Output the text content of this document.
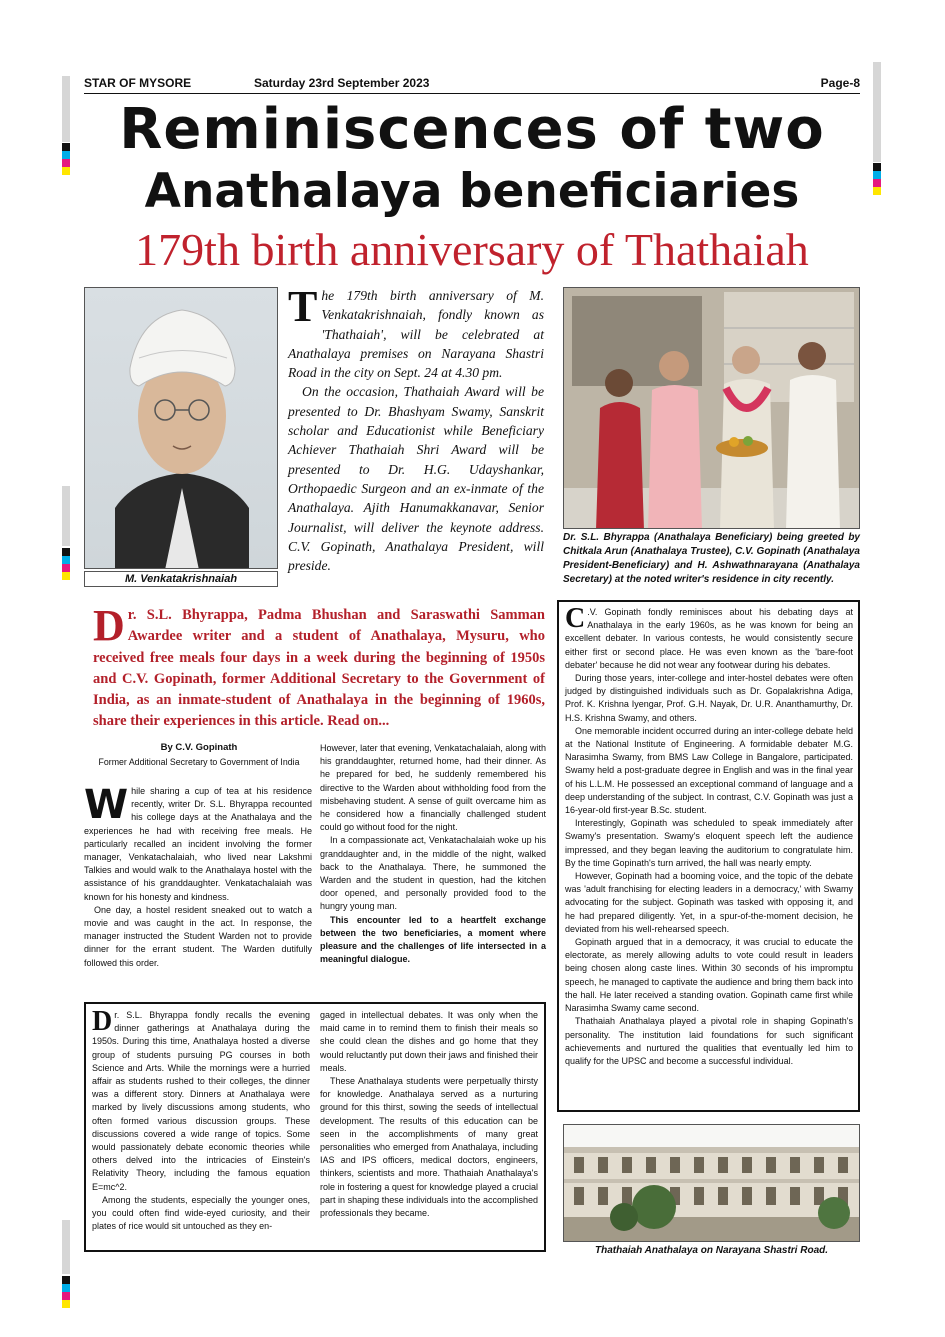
STAR OF MYSORE	Saturday 23rd September 2023	Page-8
Reminiscences of two
Anathalaya beneficiaries
179th birth anniversary of Thathaiah
M. Venkatakrishnaiah

The 179th birth anniversary of M. Venkatakrishnaiah, fondly known as 'Thathaiah', will be celebrated at Anathalaya premises on Narayana Shastri Road in the city on Sept. 24 at 4.30 pm.

On the occasion, Thathaiah Award will be presented to Dr. Bhashyam Swamy, Sanskrit scholar and Educationist while Beneficiary Achiever Thathaiah Shri Award will be presented to Dr. H.G. Udayshankar, Orthopaedic Surgeon and an ex-inmate of the Anathalaya. Ajith Hanumakkanavar, Senior Journalist, will deliver the keynote address. C.V. Gopinath, Anathalaya President, will preside.

Dr. S.L. Bhyrappa (Anathalaya Beneficiary) being greeted by Chitkala Arun (Anathalaya Trustee), C.V. Gopinath (Anathalaya President-Beneficiary) and H. Ashwathnarayana (Anathalaya Secretary) at the noted writer's residence in city recently.
Dr. S.L. Bhyrappa, Padma Bhushan and Saraswathi Samman Awardee writer and a student of Anathalaya, Mysuru, who received free meals four days in a week during the beginning of 1950s and C.V. Gopinath, former Additional Secretary to the Government of India, as an inmate-student of Anathalaya in the beginning of 1960s, share their experiences in this article. Read on...
By C.V. Gopinath
Former Additional Secretary to Government of India

While sharing a cup of tea at his residence recently, writer Dr. S.L. Bhyrappa recounted his college days at the Anathalaya and the experiences he had with receiving free meals. He particularly recalled an incident involving the former manager, Venkatachalaiah, who lived near Lakshmi Talkies and would walk to the Anathalaya hostel with the assistance of his granddaughter. Venkatachalaiah was known for his honesty and kindness.

One day, a hostel resident sneaked out to watch a movie and was caught in the act. In response, the manager instructed the Student Warden not to provide dinner for the errant student. The Warden dutifully followed this order.

However, later that evening, Venkatachalaiah, along with his granddaughter, returned home, had their dinner. As he prepared for bed, he suddenly remembered his directive to the Warden about withholding food from the misbehaving student. A sense of guilt overcame him as he considered how a financially challenged student could go without food for the night.

In a compassionate act, Venkatachalaiah woke up his granddaughter and, in the middle of the night, walked back to the Anathalaya. There, he summoned the Warden and the student in question, had the kitchen door opened, and personally provided food to the hungry young man.

This encounter led to a heartfelt exchange between the two beneficiaries, a moment where pleasure and the challenges of life intersected in a meaningful dialogue.

Dr. S.L. Bhyrappa fondly recalls the evening dinner gatherings at Anathalaya during the 1950s. During this time, Anathalaya hosted a diverse group of students pursuing PG courses in both Science and Arts. While the mornings were a hurried affair as students rushed to their colleges, the dinner was a different story. Dinners at Anathalaya were marked by lively discussions among students, who often formed various discussion groups. These discussions covered a wide range of topics. Some would passionately debate economic theories while others delved into the intricacies of Einstein's Relativity Theory, including the famous equation E=mc^2.

Among the students, especially the younger ones, you could often find wide-eyed curiosity, and their plates of rice would sit untouched as they en-

gaged in intellectual debates. It was only when the maid came in to remind them to finish their meals so she could clean the dishes and go home that they would reluctantly put down their jaws and finished their meals.

These Anathalaya students were perpetually thirsty for knowledge. Anathalaya served as a nurturing ground for this thirst, sowing the seeds of intellectual development. The results of this education can be seen in the accomplishments of many great personalities who emerged from Anathalaya, including IAS and IPS officers, medical doctors, engineers, thinkers, scientists and more. Thathaiah Anathalaya's role in fostering a quest for knowledge played a crucial part in shaping these individuals into the accomplished professionals they became.

C .V. Gopinath fondly reminisces about his debating days at Anathalaya in the early 1960s, as he was known for being an excellent debater. In various contests, he would consistently secure either first or second place. He was even known as the 'bare-foot debater' because he did not wear any footwear during his debates.

During those years, inter-college and inter-hostel debates were often judged by distinguished individuals such as Dr. Gopalakrishna Adiga, Prof. K. Krishna Iyengar, Prof. G.H. Nayak, Dr. U.R. Ananthamurthy, Dr. H.S. Krishna Swamy, and others.

One memorable incident occurred during an inter-college debate held at the National Institute of Engineering. A formidable debater M.G. Narasimha Swamy, from BMS Law College in Bangalore, participated. Swamy held a post-graduate degree in English and was in the final year of his L.L.M. He possessed an exceptional command of language and a deep understanding of the subject. In contrast, C.V. Gopinath was just a 16-year-old first-year B.Sc. student.

Interestingly, Gopinath was scheduled to speak immediately after Swamy's presentation. Swamy's eloquent speech left the audience impressed, and they began leaving the auditorium to congratulate him. By the time Gopinath's turn arrived, the hall was nearly empty.

However, Gopinath had a booming voice, and the topic of the debate was 'adult franchising for electing leaders in a democracy,' with Swamy advocating for the subject. Gopinath was tasked with opposing it, and he had prepared diligently. Yet, in a spur-of-the-moment decision, he deviated from his well-rehearsed speech.

Gopinath argued that in a democracy, it was crucial to educate the electorate, as merely allowing adults to vote could result in leaders being chosen along caste lines. Within 30 seconds of his impromptu speech, he managed to captivate the audience and bring them back into the hall. He later received a standing ovation. Gopinath came first while Narasimha Swamy came second.

Thathaiah Anathalaya played a pivotal role in shaping Gopinath's personality. The institution laid foundations for such significant achievements and nurtured the qualities that eventually led him to qualify for the UPSC and become a successful individual.

Thathaiah Anathalaya on Narayana Shastri Road.
